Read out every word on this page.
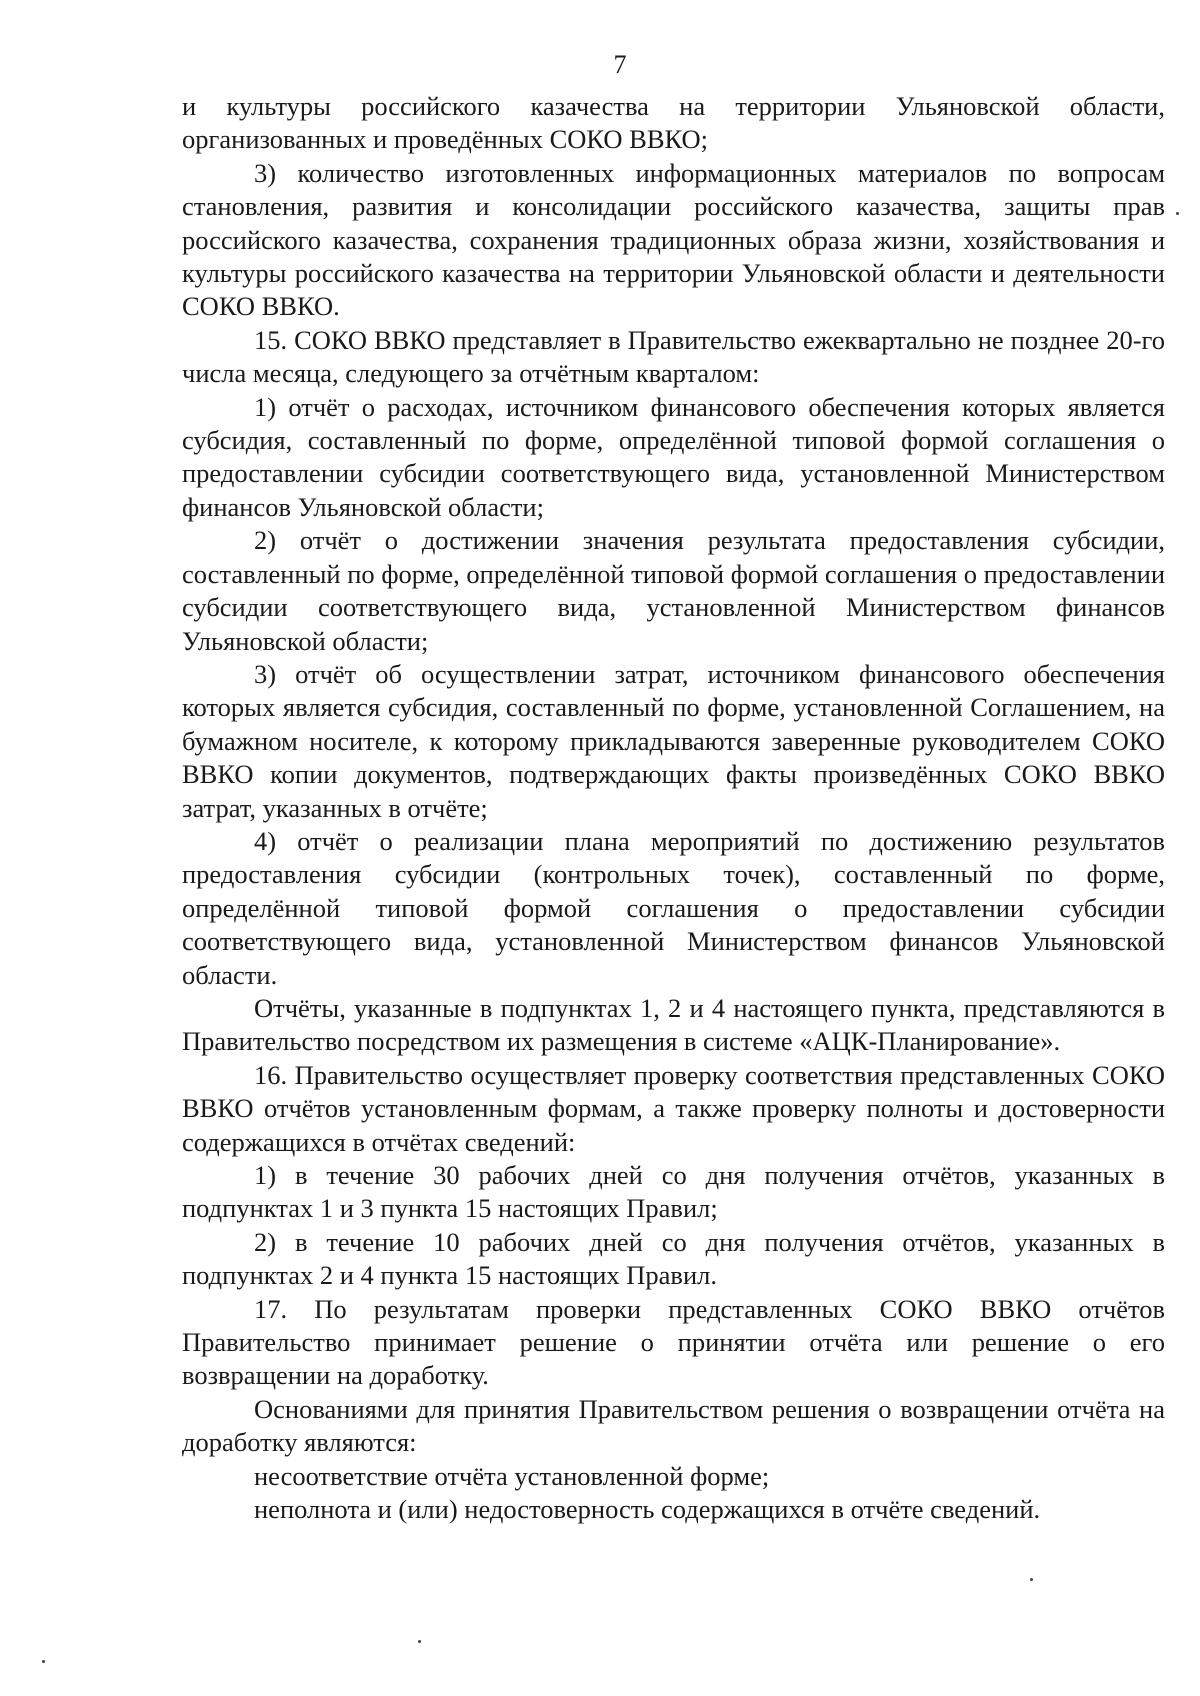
7

и культуры российского казачества на территории Ульяновской области, организованных и проведённых СОКО ВВКО;

3) количество изготовленных информационных материалов по вопросам становления, развития и консолидации российского казачества, защиты прав российского казачества, сохранения традиционных образа жизни, хозяйствования и культуры российского казачества на территории Ульяновской области и деятельности СОКО ВВКО.

15. СОКО ВВКО представляет в Правительство ежеквартально не позднее 20-го числа месяца, следующего за отчётным кварталом:

1) отчёт о расходах, источником финансового обеспечения которых является субсидия, составленный по форме, определённой типовой формой соглашения о предоставлении субсидии соответствующего вида, установленной Министерством финансов Ульяновской области;

2) отчёт о достижении значения результата предоставления субсидии, составленный по форме, определённой типовой формой соглашения о предоставлении субсидии соответствующего вида, установленной Министерством финансов Ульяновской области;

3) отчёт об осуществлении затрат, источником финансового обеспечения которых является субсидия, составленный по форме, установленной Соглашением, на бумажном носителе, к которому прикладываются заверенные руководителем СОКО ВВКО копии документов, подтверждающих факты произведённых СОКО ВВКО затрат, указанных в отчёте;

4) отчёт о реализации плана мероприятий по достижению результатов предоставления субсидии (контрольных точек), составленный по форме, определённой типовой формой соглашения о предоставлении субсидии соответствующего вида, установленной Министерством финансов Ульяновской области.

Отчёты, указанные в подпунктах 1, 2 и 4 настоящего пункта, представляются в Правительство посредством их размещения в системе «АЦК-Планирование».

16. Правительство осуществляет проверку соответствия представленных СОКО ВВКО отчётов установленным формам, а также проверку полноты и достоверности содержащихся в отчётах сведений:

1) в течение 30 рабочих дней со дня получения отчётов, указанных в подпунктах 1 и 3 пункта 15 настоящих Правил;

2) в течение 10 рабочих дней со дня получения отчётов, указанных в подпунктах 2 и 4 пункта 15 настоящих Правил.

17. По результатам проверки представленных СОКО ВВКО отчётов Правительство принимает решение о принятии отчёта или решение о его возвращении на доработку.

Основаниями для принятия Правительством решения о возвращении отчёта на доработку являются:

несоответствие отчёта установленной форме;

неполнота и (или) недостоверность содержащихся в отчёте сведений.
